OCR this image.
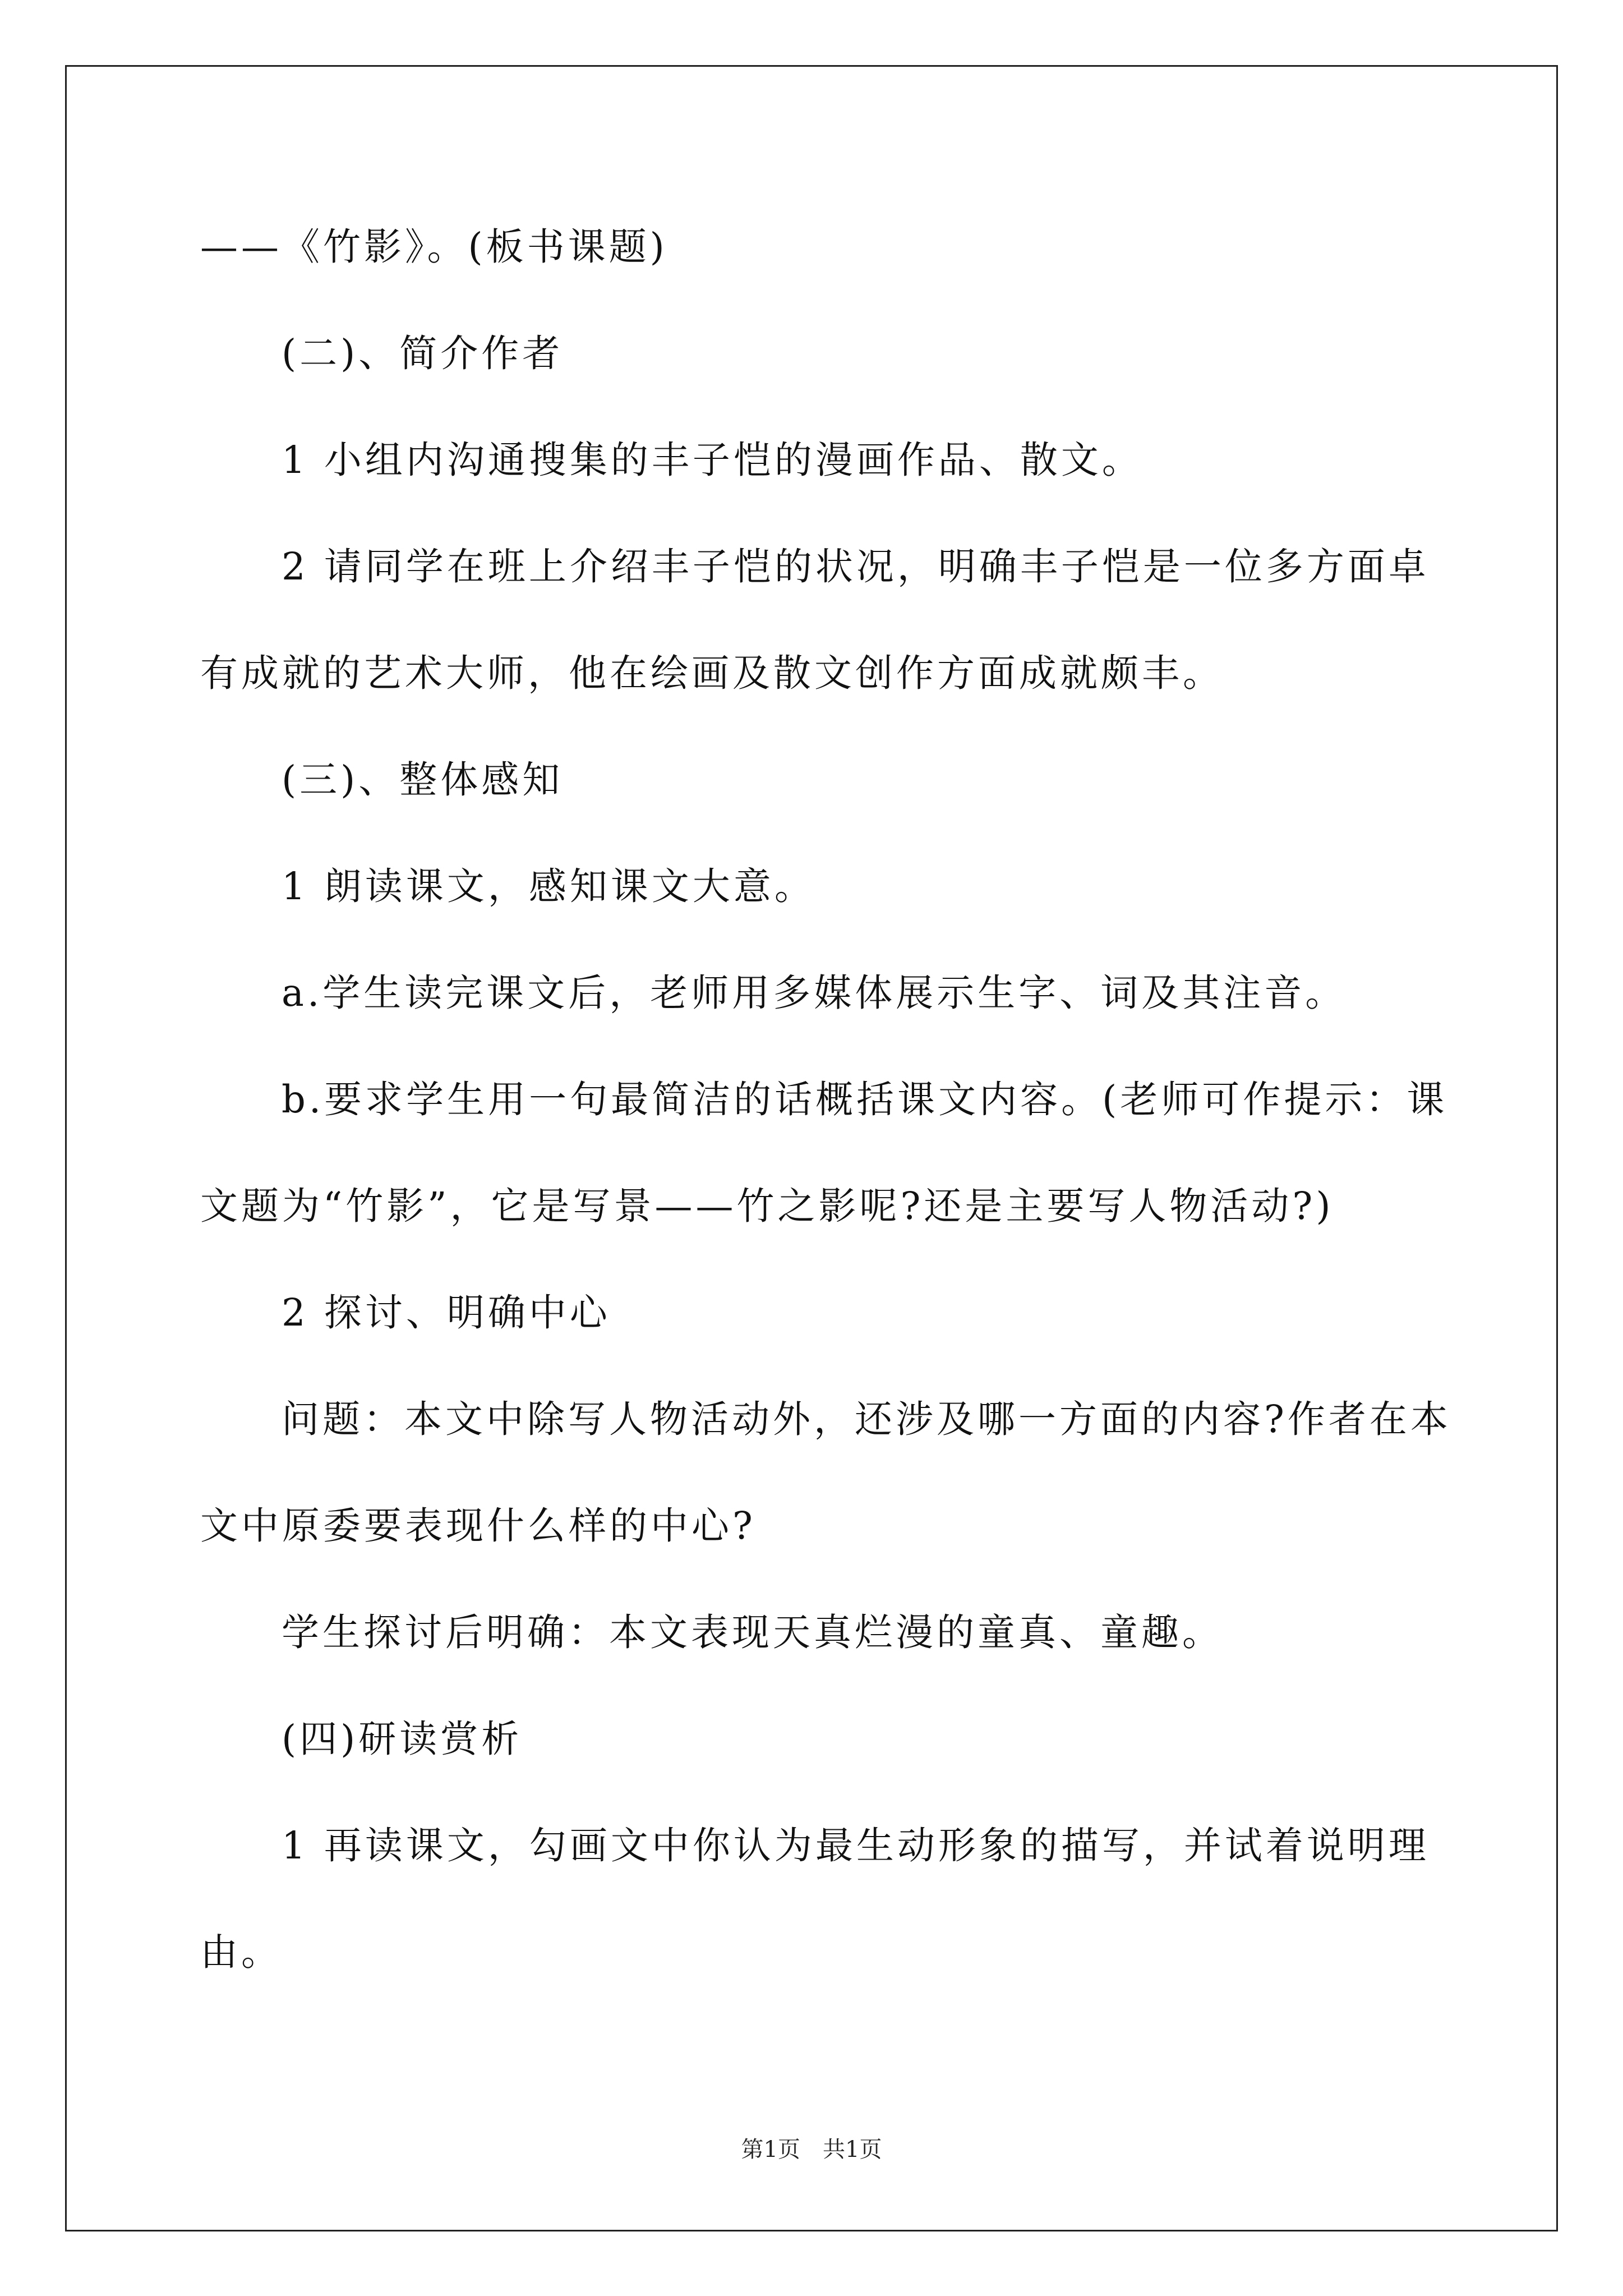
——《竹影》。(板书课题)

(二)、简介作者

1 小组内沟通搜集的丰子恺的漫画作品、散文。

2 请同学在班上介绍丰子恺的状况，明确丰子恺是一位多方面卓

有成就的艺术大师，他在绘画及散文创作方面成就颇丰。

(三)、整体感知

1 朗读课文，感知课文大意。

a.学生读完课文后，老师用多媒体展示生字、词及其注音。

b.要求学生用一句最简洁的话概括课文内容。(老师可作提示：课

文题为“竹影”，它是写景——竹之影呢?还是主要写人物活动?)

2 探讨、明确中心

问题：本文中除写人物活动外，还涉及哪一方面的内容?作者在本

文中原委要表现什么样的中心?

学生探讨后明确：本文表现天真烂漫的童真、童趣。

(四)研读赏析

1 再读课文，勾画文中你认为最生动形象的描写，并试着说明理

由。

第1页 共1页
